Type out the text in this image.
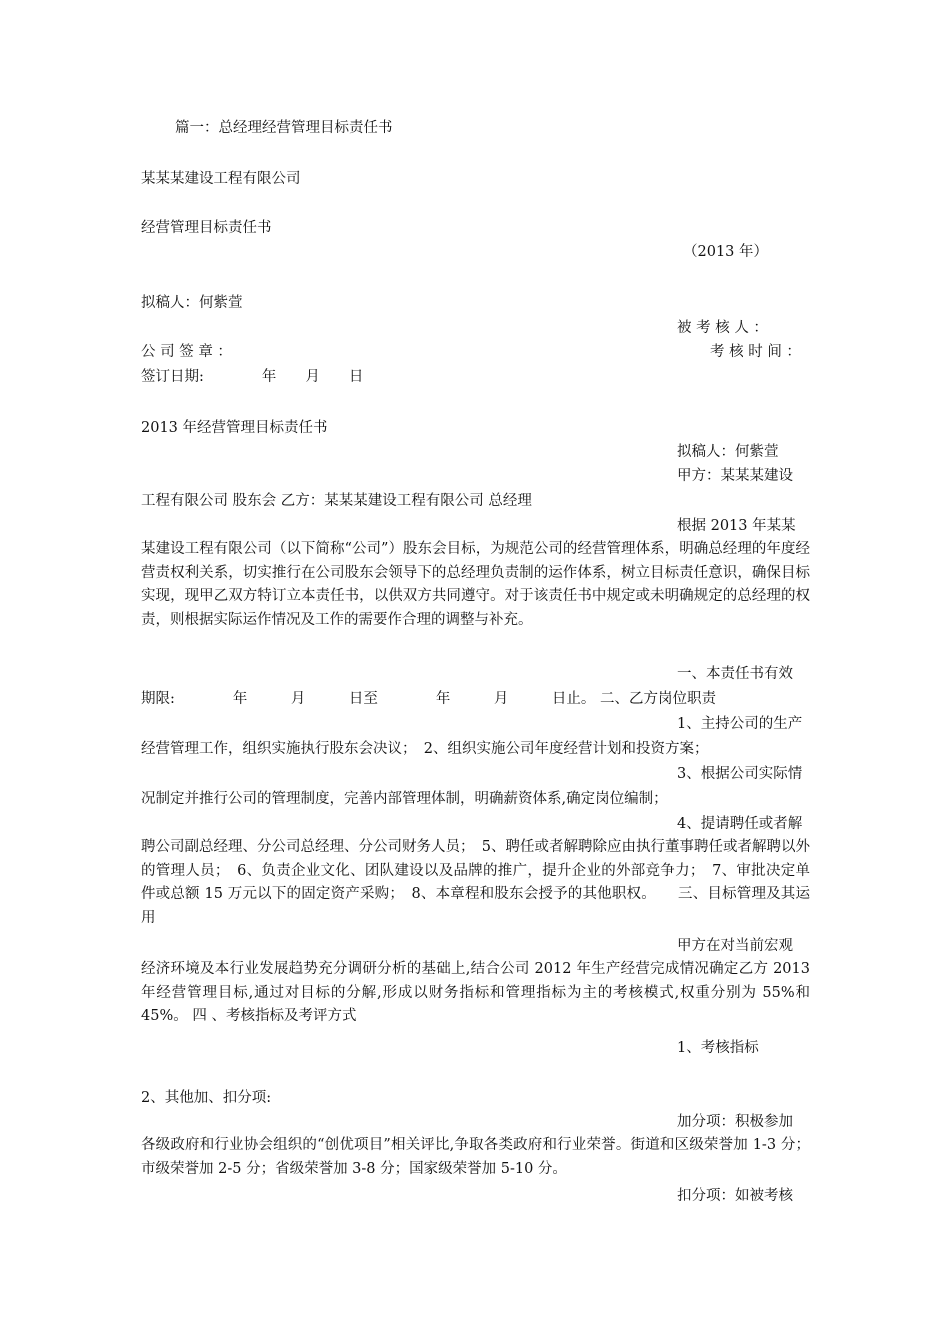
篇一：总经理经营管理目标责任书
某某某建设工程有限公司
经营管理目标责任书
（2013 年）
拟稿人：何紫萱
被 考 核 人 ：
公 司 签 章 ：	考 核 时 间 ：
签订日期:　　　　年　　月　　日
2013 年经营管理目标责任书
拟稿人：何紫萱
甲方：某某某建设
工程有限公司 股东会 乙方：某某某建设工程有限公司 总经理
根据 2013 年某某
某建设工程有限公司（以下简称“公司”）股东会目标，为规范公司的经营管理体系，明确总经理的年度经营责权利关系，切实推行在公司股东会领导下的总经理负责制的运作体系，树立目标责任意识，确保目标实现，现甲乙双方特订立本责任书，以供双方共同遵守。对于该责任书中规定或未明确规定的总经理的权责，则根据实际运作情况及工作的需要作合理的调整与补充。
一、本责任书有效
期限:　　　　年　　　月　　　日至　　　　年　　　月　　　日止。 二、乙方岗位职责
1、主持公司的生产
经营管理工作，组织实施执行股东会决议；　2、组织实施公司年度经营计划和投资方案；
3、根据公司实际情
况制定并推行公司的管理制度，完善内部管理体制，明确薪资体系,确定岗位编制；
4、提请聘任或者解
聘公司副总经理、分公司总经理、分公司财务人员；　5、聘任或者解聘除应由执行董事聘任或者解聘以外的管理人员；　6、负责企业文化、团队建设以及品牌的推广，提升企业的外部竞争力；　7、审批决定单件或总额 15 万元以下的固定资产采购；　8、本章程和股东会授予的其他职权。　　三、目标管理及其运用
甲方在对当前宏观
经济环境及本行业发展趋势充分调研分析的基础上,结合公司 2012 年生产经营完成情况确定乙方 2013 年经营管理目标,通过对目标的分解,形成以财务指标和管理指标为主的考核模式,权重分别为 55%和 45%。 四 、考核指标及考评方式
1、考核指标
2、其他加、扣分项:
加分项：积极参加
各级政府和行业协会组织的“创优项目”相关评比,争取各类政府和行业荣誉。街道和区级荣誉加 1-3 分；市级荣誉加 2-5 分；省级荣誉加 3-8 分；国家级荣誉加 5-10 分。
扣分项：如被考核
